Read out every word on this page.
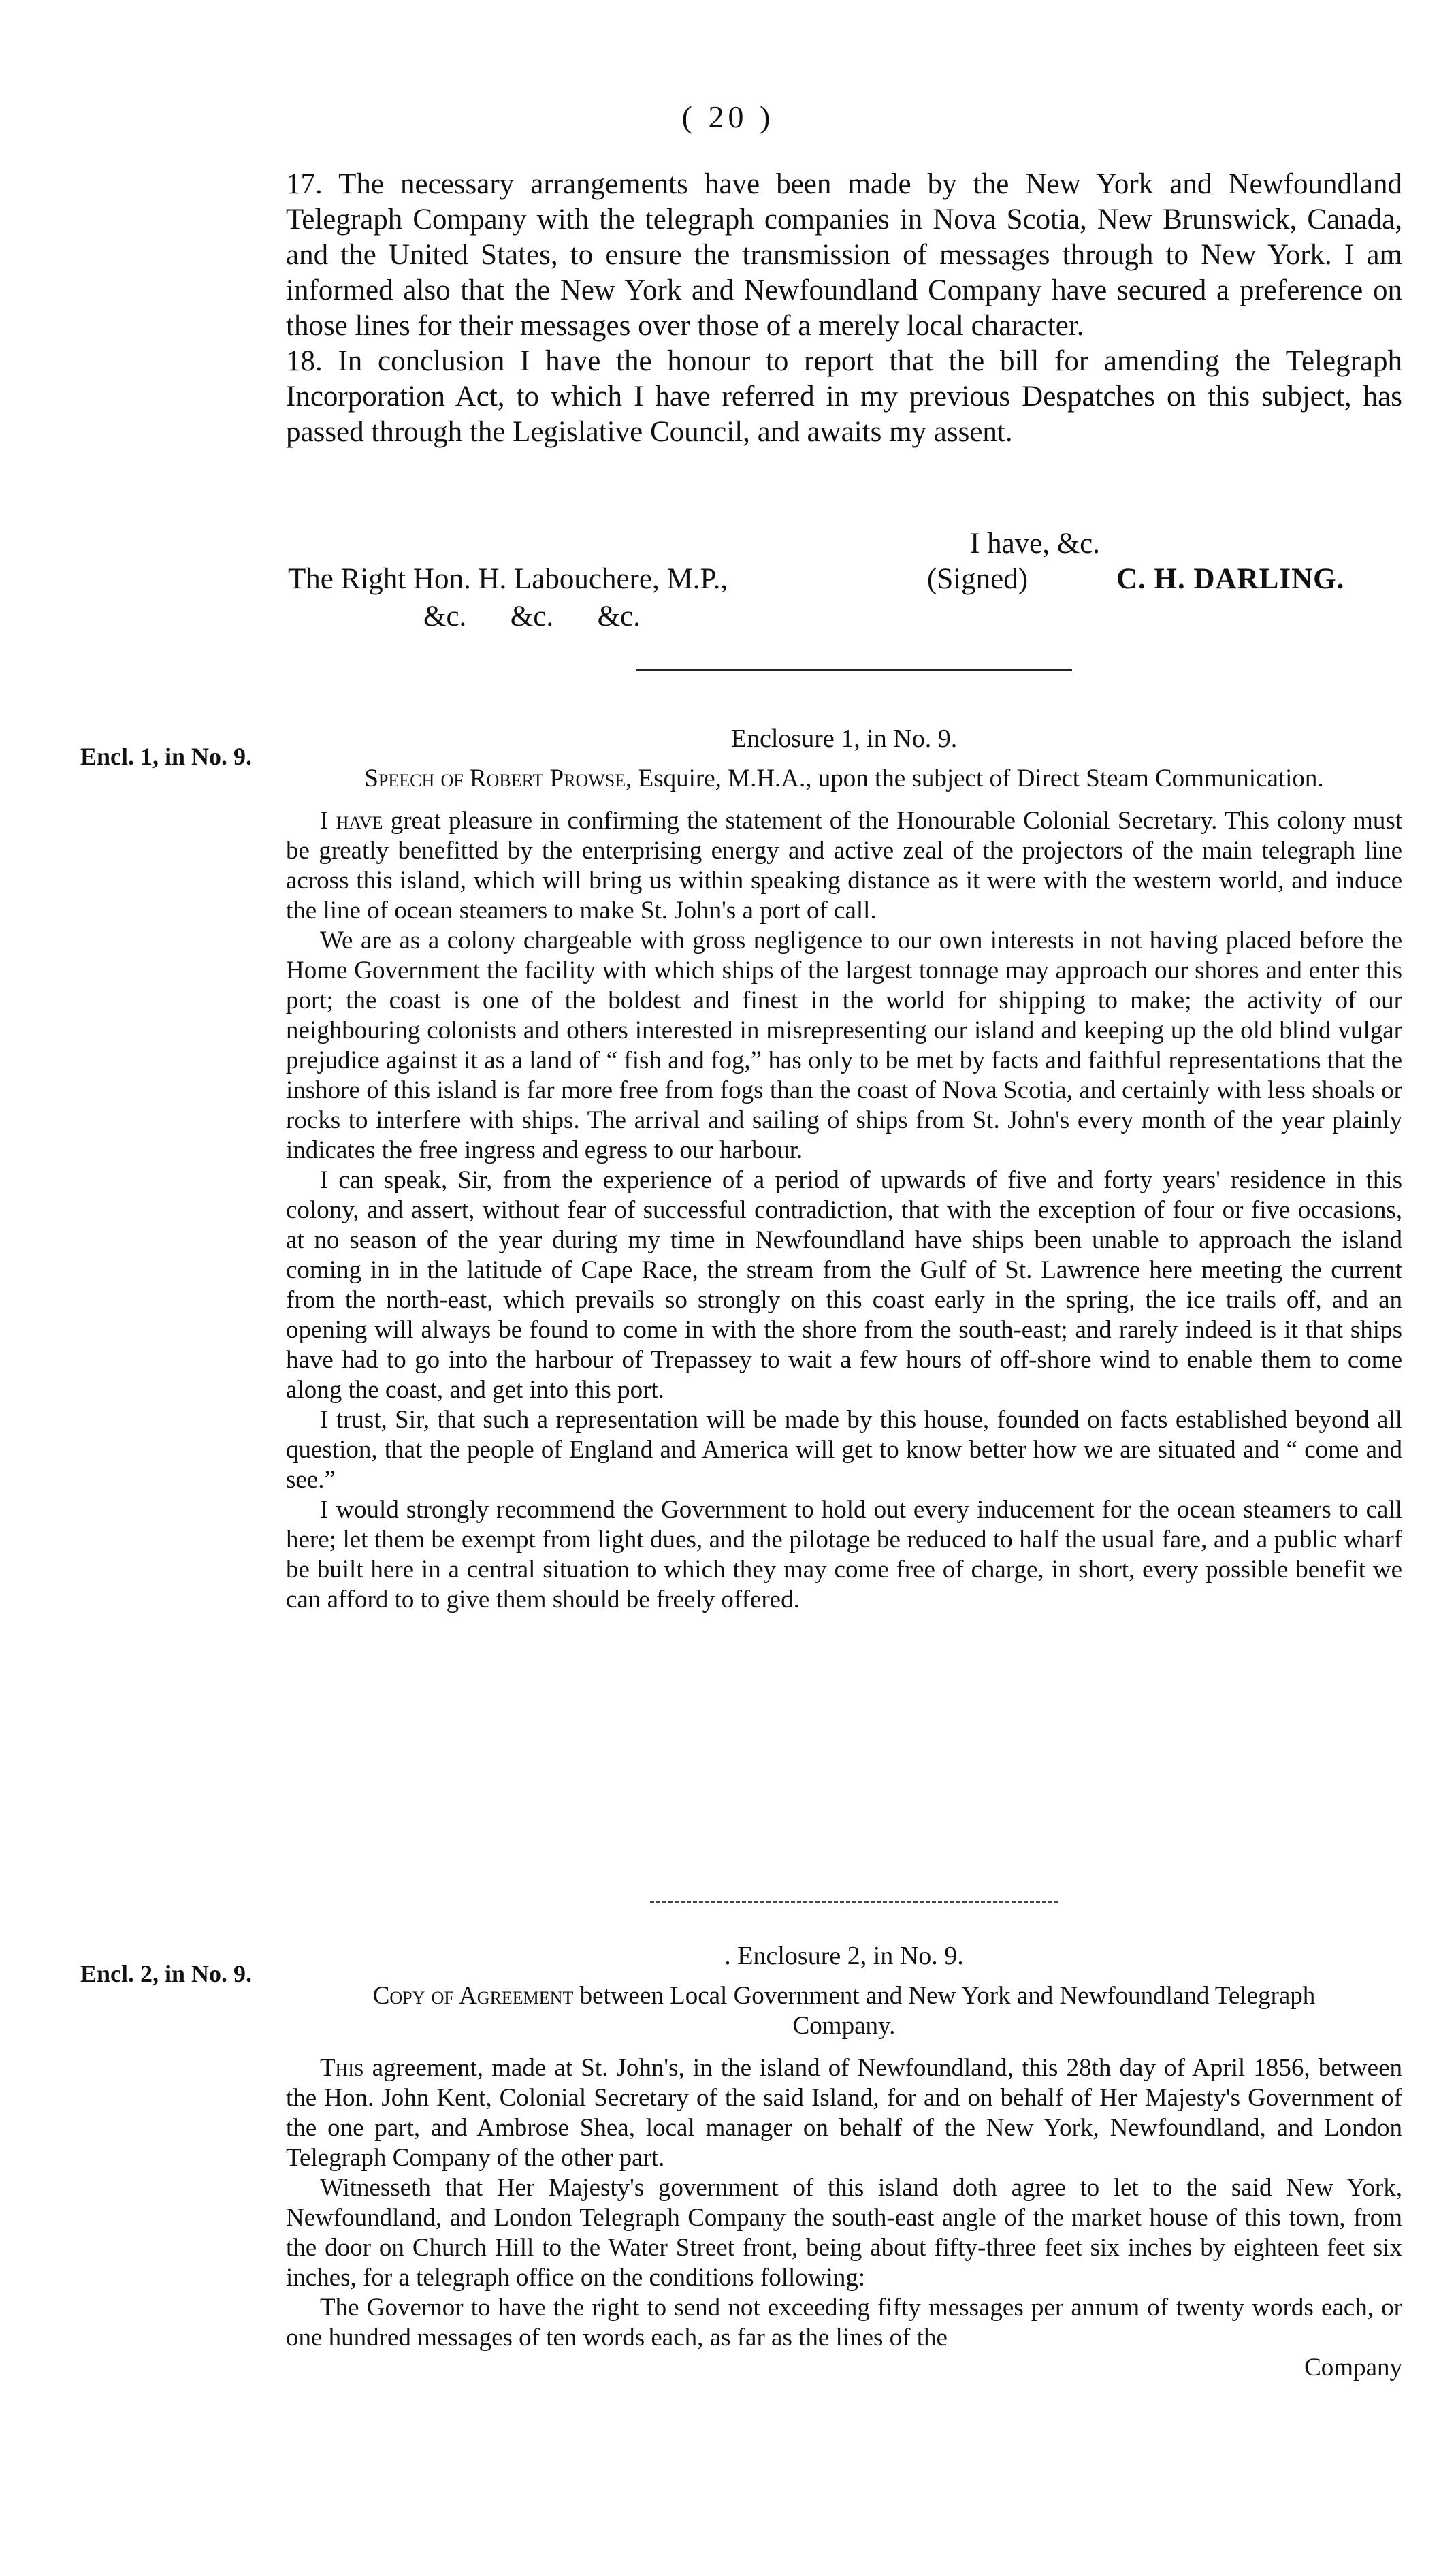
( 20 )

17. The necessary arrangements have been made by the New York and Newfoundland Telegraph Company with the telegraph companies in Nova Scotia, New Brunswick, Canada, and the United States, to ensure the transmission of messages through to New York. I am informed also that the New York and Newfoundland Company have secured a preference on those lines for their messages over those of a merely local character.

18. In conclusion I have the honour to report that the bill for amending the Telegraph Incorporation Act, to which I have referred in my previous Despatches on this subject, has passed through the Legislative Council, and awaits my assent.

I have, &c.
(Signed)	C. H. DARLING.
The Right Hon. H. Labouchere, M.P.,
&c.      &c.      &c.
Encl. 1, in No. 9.
Enclosure 1, in No. 9.
Speech of Robert Prowse, Esquire, M.H.A., upon the subject of Direct Steam Communication.

I have great pleasure in confirming the statement of the Honourable Colonial Secretary. This colony must be greatly benefitted by the enterprising energy and active zeal of the projectors of the main telegraph line across this island, which will bring us within speaking distance as it were with the western world, and induce the line of ocean steamers to make St. John's a port of call.

We are as a colony chargeable with gross negligence to our own interests in not having placed before the Home Government the facility with which ships of the largest tonnage may approach our shores and enter this port; the coast is one of the boldest and finest in the world for shipping to make; the activity of our neighbouring colonists and others interested in misrepresenting our island and keeping up the old blind vulgar prejudice against it as a land of “ fish and fog,” has only to be met by facts and faithful representations that the inshore of this island is far more free from fogs than the coast of Nova Scotia, and certainly with less shoals or rocks to interfere with ships. The arrival and sailing of ships from St. John's every month of the year plainly indicates the free ingress and egress to our harbour.

I can speak, Sir, from the experience of a period of upwards of five and forty years' residence in this colony, and assert, without fear of successful contradiction, that with the exception of four or five occasions, at no season of the year during my time in Newfoundland have ships been unable to approach the island coming in in the latitude of Cape Race, the stream from the Gulf of St. Lawrence here meeting the current from the north-east, which prevails so strongly on this coast early in the spring, the ice trails off, and an opening will always be found to come in with the shore from the south-east; and rarely indeed is it that ships have had to go into the harbour of Trepassey to wait a few hours of off-shore wind to enable them to come along the coast, and get into this port.

I trust, Sir, that such a representation will be made by this house, founded on facts established beyond all question, that the people of England and America will get to know better how we are situated and “ come and see.”

I would strongly recommend the Government to hold out every inducement for the ocean steamers to call here; let them be exempt from light dues, and the pilotage be reduced to half the usual fare, and a public wharf be built here in a central situation to which they may come free of charge, in short, every possible benefit we can afford to to give them should be freely offered.

Encl. 2, in No. 9.
. Enclosure 2, in No. 9.
Copy of Agreement between Local Government and New York and Newfoundland Telegraph Company.

This agreement, made at St. John's, in the island of Newfoundland, this 28th day of April 1856, between the Hon. John Kent, Colonial Secretary of the said Island, for and on behalf of Her Majesty's Government of the one part, and Ambrose Shea, local manager on behalf of the New York, Newfoundland, and London Telegraph Company of the other part.

Witnesseth that Her Majesty's government of this island doth agree to let to the said New York, Newfoundland, and London Telegraph Company the south-east angle of the market house of this town, from the door on Church Hill to the Water Street front, being about fifty-three feet six inches by eighteen feet six inches, for a telegraph office on the conditions following:

The Governor to have the right to send not exceeding fifty messages per annum of twenty words each, or one hundred messages of ten words each, as far as the lines of the

Company
